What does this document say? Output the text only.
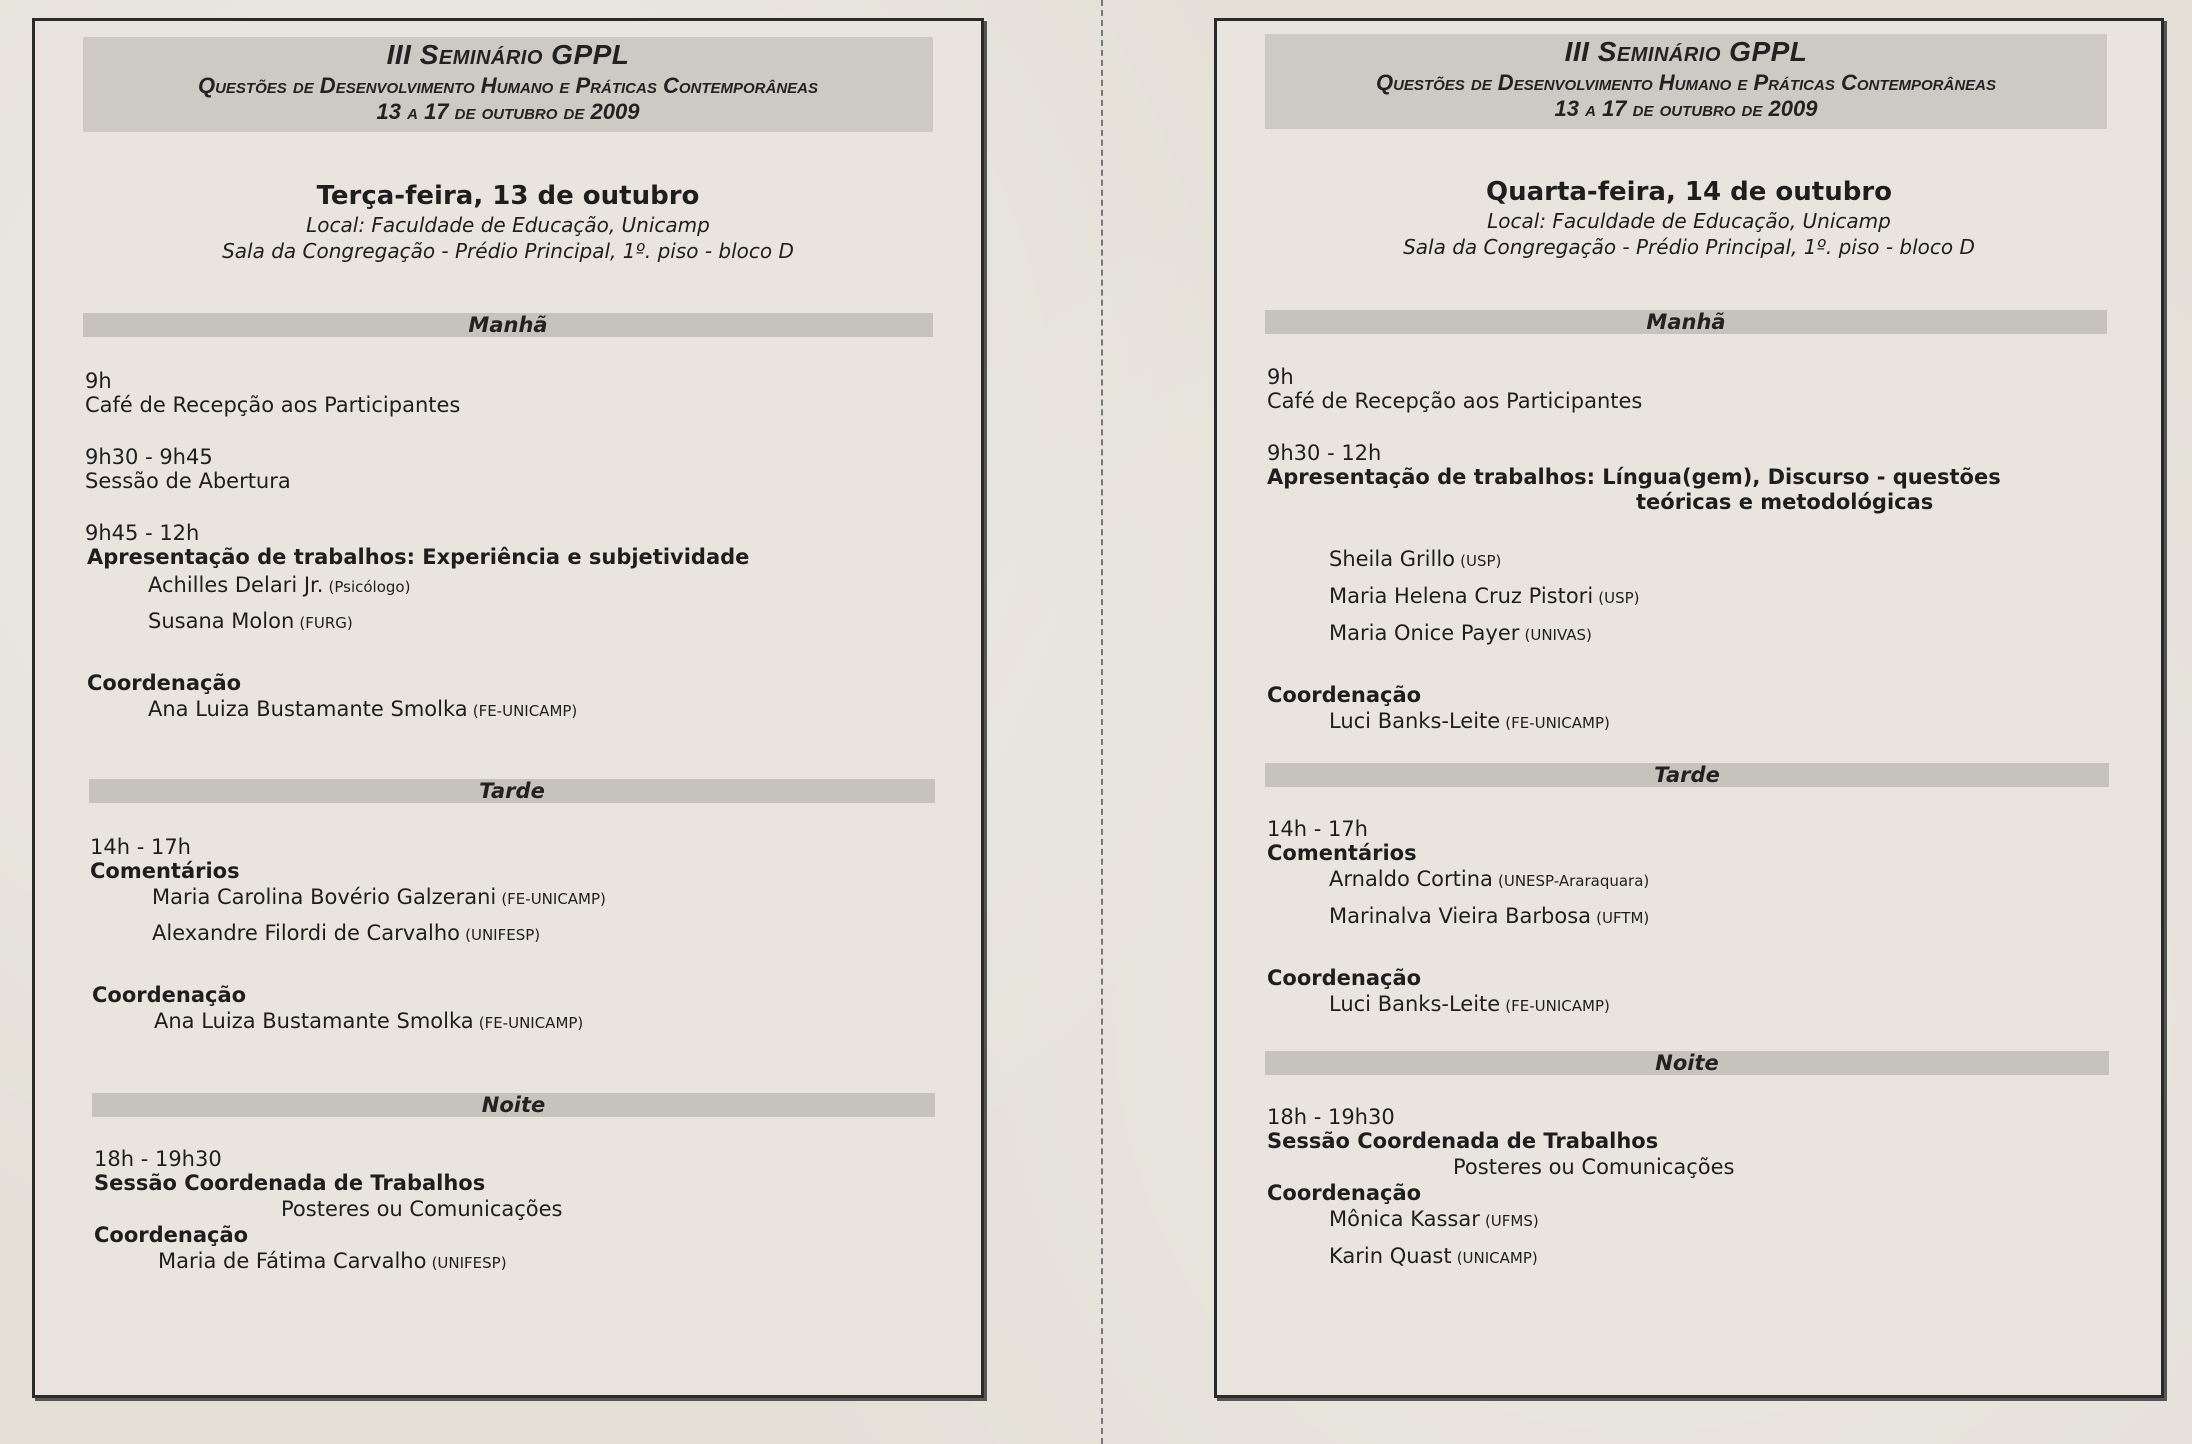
III Seminário GPPL
Questões de Desenvolvimento Humano e Práticas Contemporâneas
13 a 17 de outubro de 2009
Terça-feira, 13 de outubro
Local: Faculdade de Educação, Unicamp
Sala da Congregação - Prédio Principal, 1º. piso - bloco D
Manhã
9h
Café de Recepção aos Participantes
9h30 - 9h45
Sessão de Abertura
9h45 - 12h
Apresentação de trabalhos: Experiência e subjetividade
Achilles Delari Jr. (Psicólogo)
Susana Molon (FURG)
Coordenação
Ana Luiza Bustamante Smolka (FE-UNICAMP)
Tarde
14h - 17h
Comentários
Maria Carolina Bovério Galzerani (FE-UNICAMP)
Alexandre Filordi de Carvalho (UNIFESP)
Coordenação
Ana Luiza Bustamante Smolka (FE-UNICAMP)
Noite
18h - 19h30
Sessão Coordenada de Trabalhos
Posteres ou Comunicações
Coordenação
Maria de Fátima Carvalho (UNIFESP)
III Seminário GPPL
Questões de Desenvolvimento Humano e Práticas Contemporâneas
13 a 17 de outubro de 2009
Quarta-feira, 14 de outubro
Local: Faculdade de Educação, Unicamp
Sala da Congregação - Prédio Principal, 1º. piso - bloco D
Manhã
9h
Café de Recepção aos Participantes
9h30 - 12h
Apresentação de trabalhos: Língua(gem), Discurso - questões
teóricas e metodológicas
Sheila Grillo (USP)
Maria Helena Cruz Pistori (USP)
Maria Onice Payer (UNIVAS)
Coordenação
Luci Banks-Leite (FE-UNICAMP)
Tarde
14h - 17h
Comentários
Arnaldo Cortina (UNESP-Araraquara)
Marinalva Vieira Barbosa (UFTM)
Coordenação
Luci Banks-Leite (FE-UNICAMP)
Noite
18h - 19h30
Sessão Coordenada de Trabalhos
Posteres ou Comunicações
Coordenação
Mônica Kassar (UFMS)
Karin Quast (UNICAMP)
